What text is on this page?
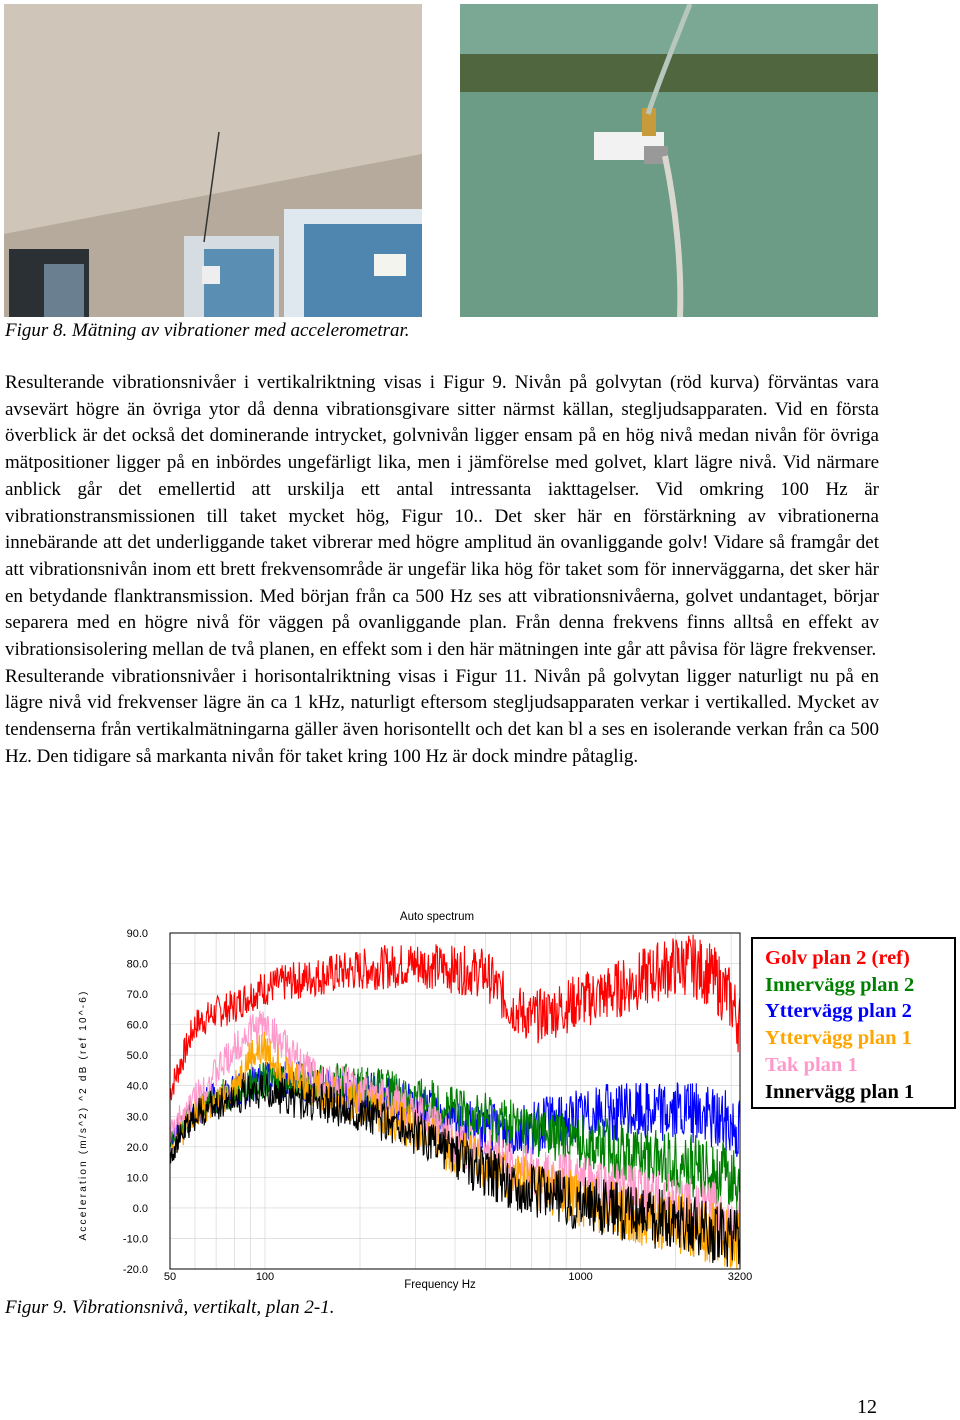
Figur 8. Mätning av vibrationer med accelerometrar.

Resulterande vibrationsnivåer i vertikalriktning visas i Figur 9. Nivån på golvytan (röd kurva) förväntas vara avsevärt högre än övriga ytor då denna vibrationsgivare sitter närmst källan, stegljudsapparaten. Vid en första överblick är det också det dominerande intrycket, golvnivån ligger ensam på en hög nivå medan nivån för övriga mätpositioner ligger på en inbördes ungefärligt lika, men i jämförelse med golvet, klart lägre nivå. Vid närmare anblick går det emellertid att urskilja ett antal intressanta iakttagelser. Vid omkring 100 Hz är vibrationstransmissionen till taket mycket hög, Figur 10.. Det sker här en förstärkning av vibrationerna innebärande att det underliggande taket vibrerar med högre amplitud än ovanliggande golv! Vidare så framgår det att vibrationsnivån inom ett brett frekvensområde är ungefär lika hög för taket som för innerväggarna, det sker här en betydande flanktransmission. Med början från ca 500 Hz ses att vibrationsnivåerna, golvet undantaget, börjar separera med en högre nivå för väggen på ovanliggande plan. Från denna frekvens finns alltså en effekt av vibrationsisolering mellan de två planen, en effekt som i den här mätningen inte går att påvisa för lägre frekvenser.

Resulterande vibrationsnivåer i horisontalriktning visas i Figur 11. Nivån på golvytan ligger naturligt nu på en lägre nivå vid frekvenser lägre än ca 1 kHz, naturligt eftersom stegljudsapparaten verkar i vertikalled. Mycket av tendenserna från vertikalmätningarna gäller även horisontellt och det kan bl a ses en isolerande verkan från ca 500 Hz. Den tidigare så markanta nivån för taket kring 100 Hz är dock mindre påtaglig.

Auto spectrum
Acceleration (m/s^2) ^2 dB (ref 10^-6)
Frequency Hz
90.0
80.0
70.0
60.0
50.0
40.0
30.0
20.0
10.0
0.0
-10.0
-20.0
50	100	1000	3200
Golv plan 2 (ref)
Innervägg plan 2
Yttervägg plan 2
Yttervägg plan 1
Tak plan 1
Innervägg plan 1
Figur 9. Vibrationsnivå, vertikalt, plan 2-1.
12
